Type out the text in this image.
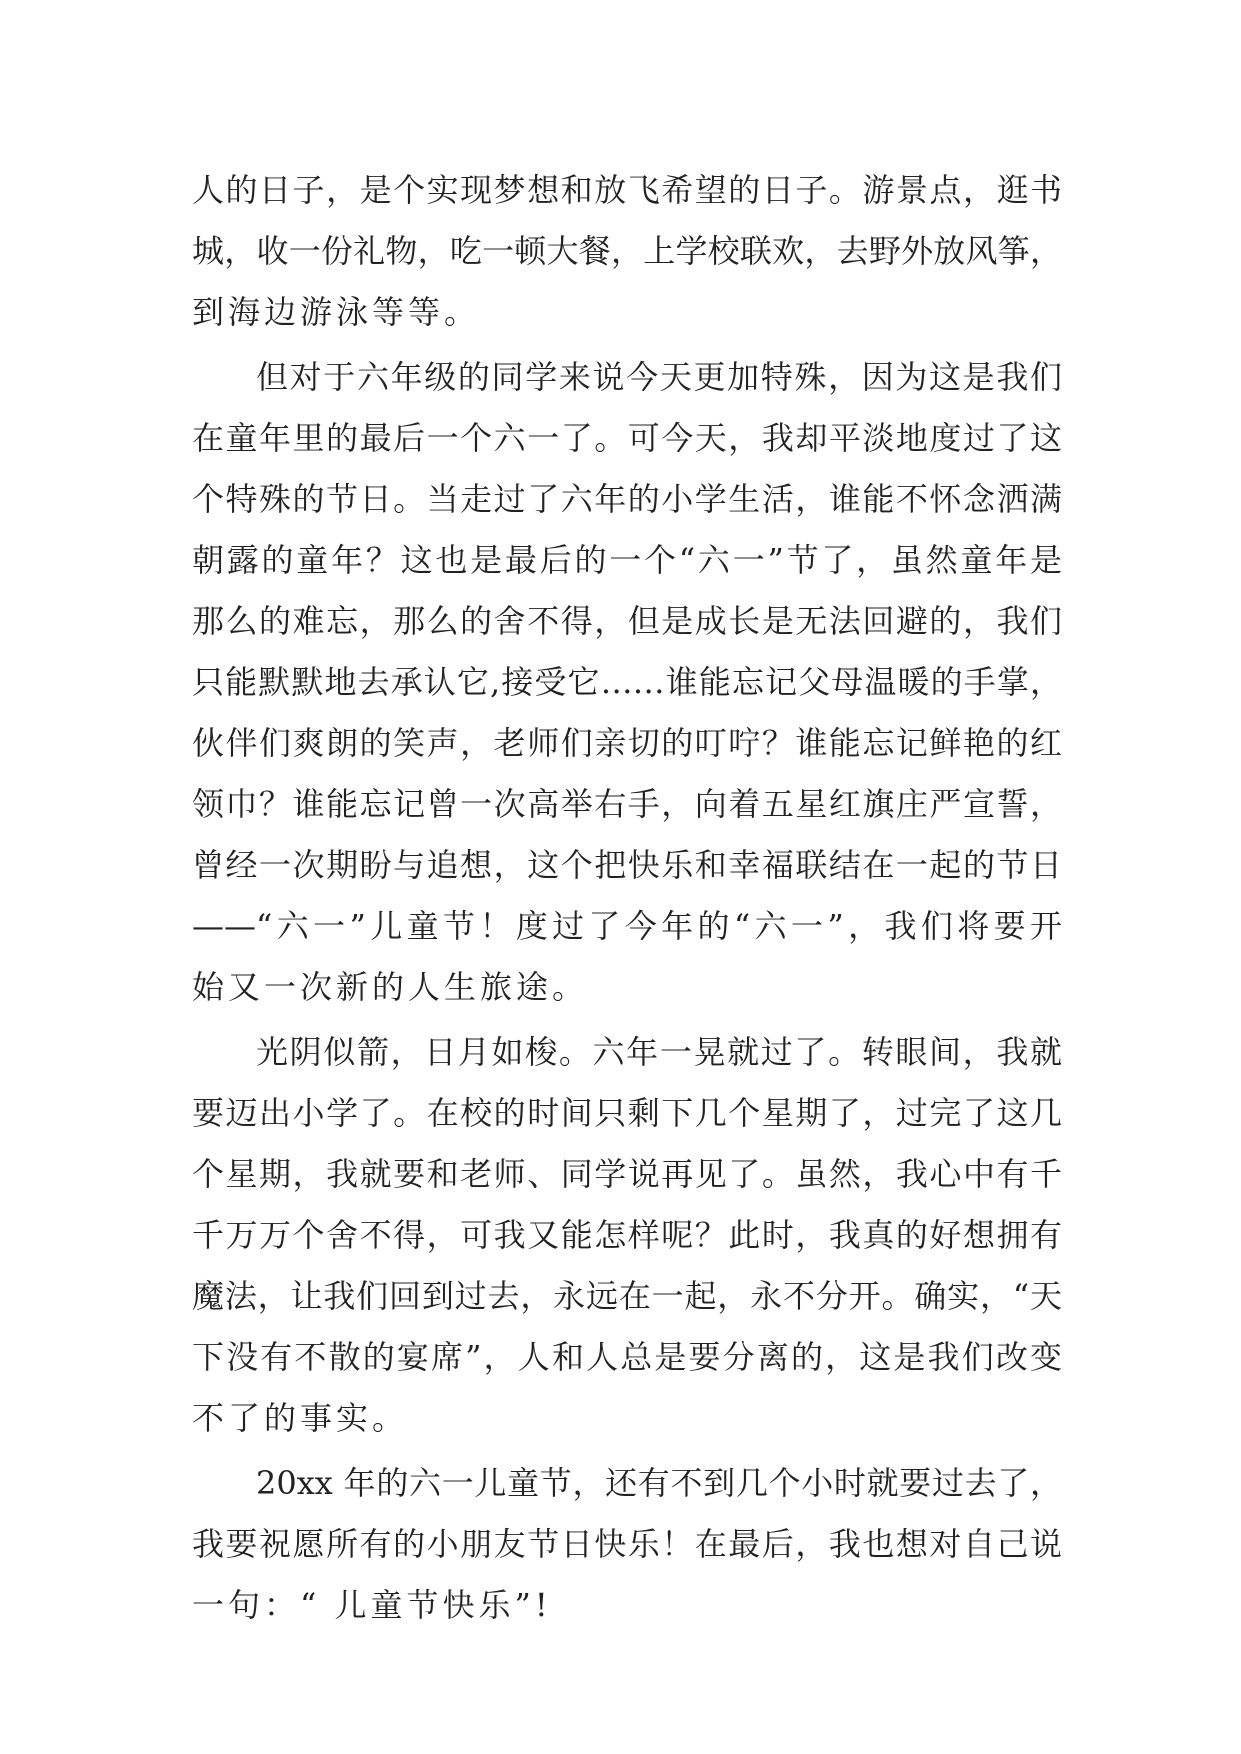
人的日子，是个实现梦想和放飞希望的日子。游景点，逛书
城，收一份礼物，吃一顿大餐，上学校联欢，去野外放风筝，
到海边游泳等等。
但对于六年级的同学来说今天更加特殊，因为这是我们
在童年里的最后一个六一了。可今天，我却平淡地度过了这
个特殊的节日。当走过了六年的小学生活，谁能不怀念洒满
朝露的童年？这也是最后的一个“六一”节了，虽然童年是
那么的难忘，那么的舍不得，但是成长是无法回避的，我们
只能默默地去承认它,接受它……谁能忘记父母温暖的手掌，
伙伴们爽朗的笑声，老师们亲切的叮咛？谁能忘记鲜艳的红
领巾？谁能忘记曾一次高举右手，向着五星红旗庄严宣誓，
曾经一次期盼与追想，这个把快乐和幸福联结在一起的节日
——“六一”儿童节！度过了今年的“六一”，我们将要开
始又一次新的人生旅途。
光阴似箭，日月如梭。六年一晃就过了。转眼间，我就
要迈出小学了。在校的时间只剩下几个星期了，过完了这几
个星期，我就要和老师、同学说再见了。虽然，我心中有千
千万万个舍不得，可我又能怎样呢？此时，我真的好想拥有
魔法，让我们回到过去，永远在一起，永不分开。确实，“天
下没有不散的宴席”，人和人总是要分离的，这是我们改变
不了的事实。
20xx 年的六一儿童节，还有不到几个小时就要过去了，
我要祝愿所有的小朋友节日快乐！在最后，我也想对自己说
一句：“ 儿童节快乐”!
